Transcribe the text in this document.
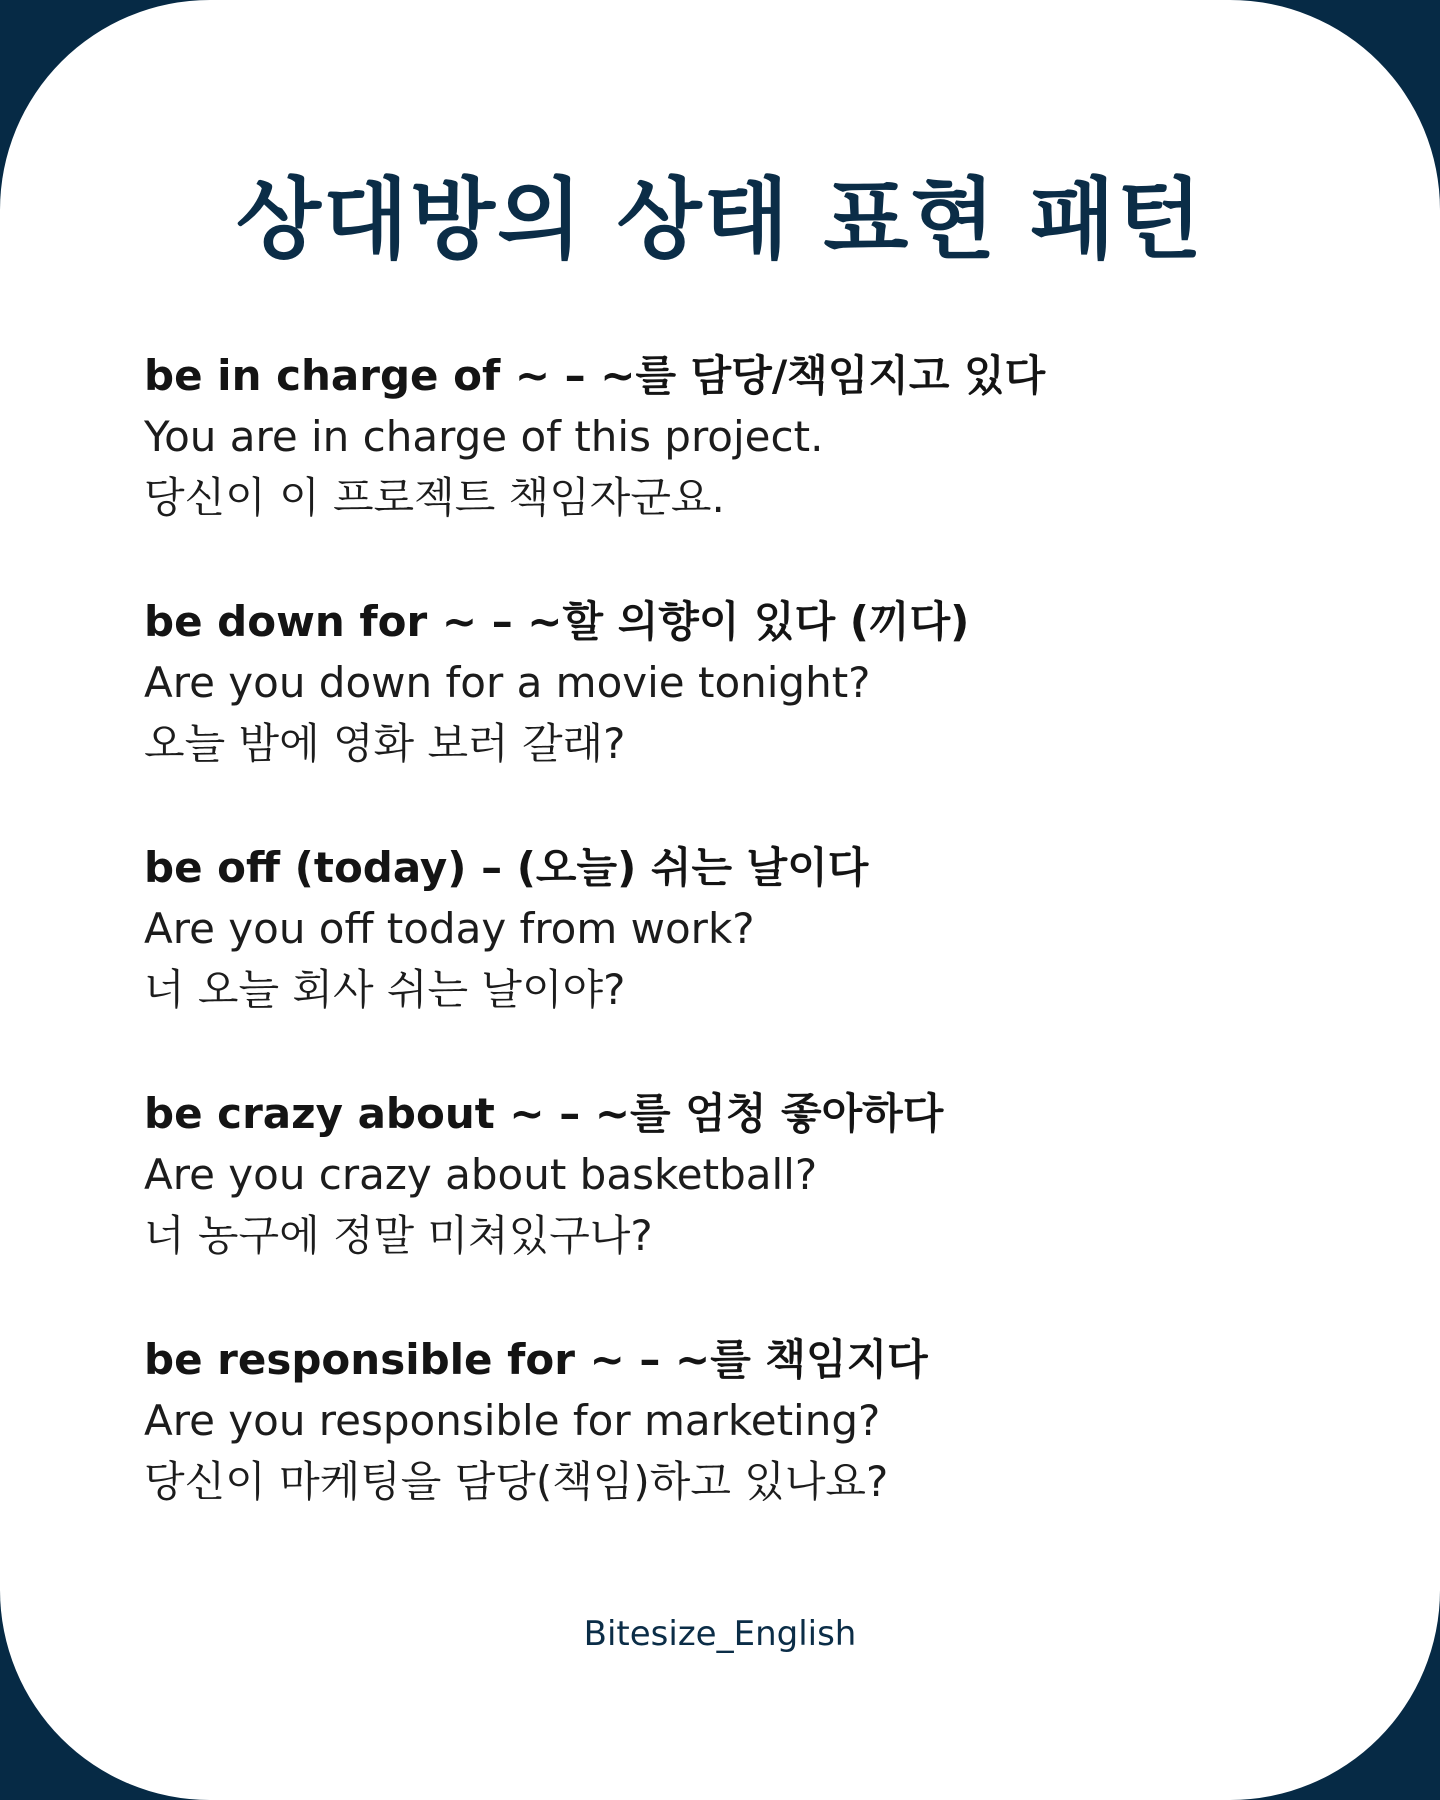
상대방의 상태 표현 패턴
be in charge of ~ – ~를 담당/책임지고 있다
You are in charge of this project.
당신이 이 프로젝트 책임자군요.
be down for ~ – ~할 의향이 있다 (끼다)
Are you down for a movie tonight?
오늘 밤에 영화 보러 갈래?
be off (today) – (오늘) 쉬는 날이다
Are you off today from work?
너 오늘 회사 쉬는 날이야?
be crazy about ~ – ~를 엄청 좋아하다
Are you crazy about basketball?
너 농구에 정말 미쳐있구나?
be responsible for ~ – ~를 책임지다
Are you responsible for marketing?
당신이 마케팅을 담당(책임)하고 있나요?
Bitesize_English
